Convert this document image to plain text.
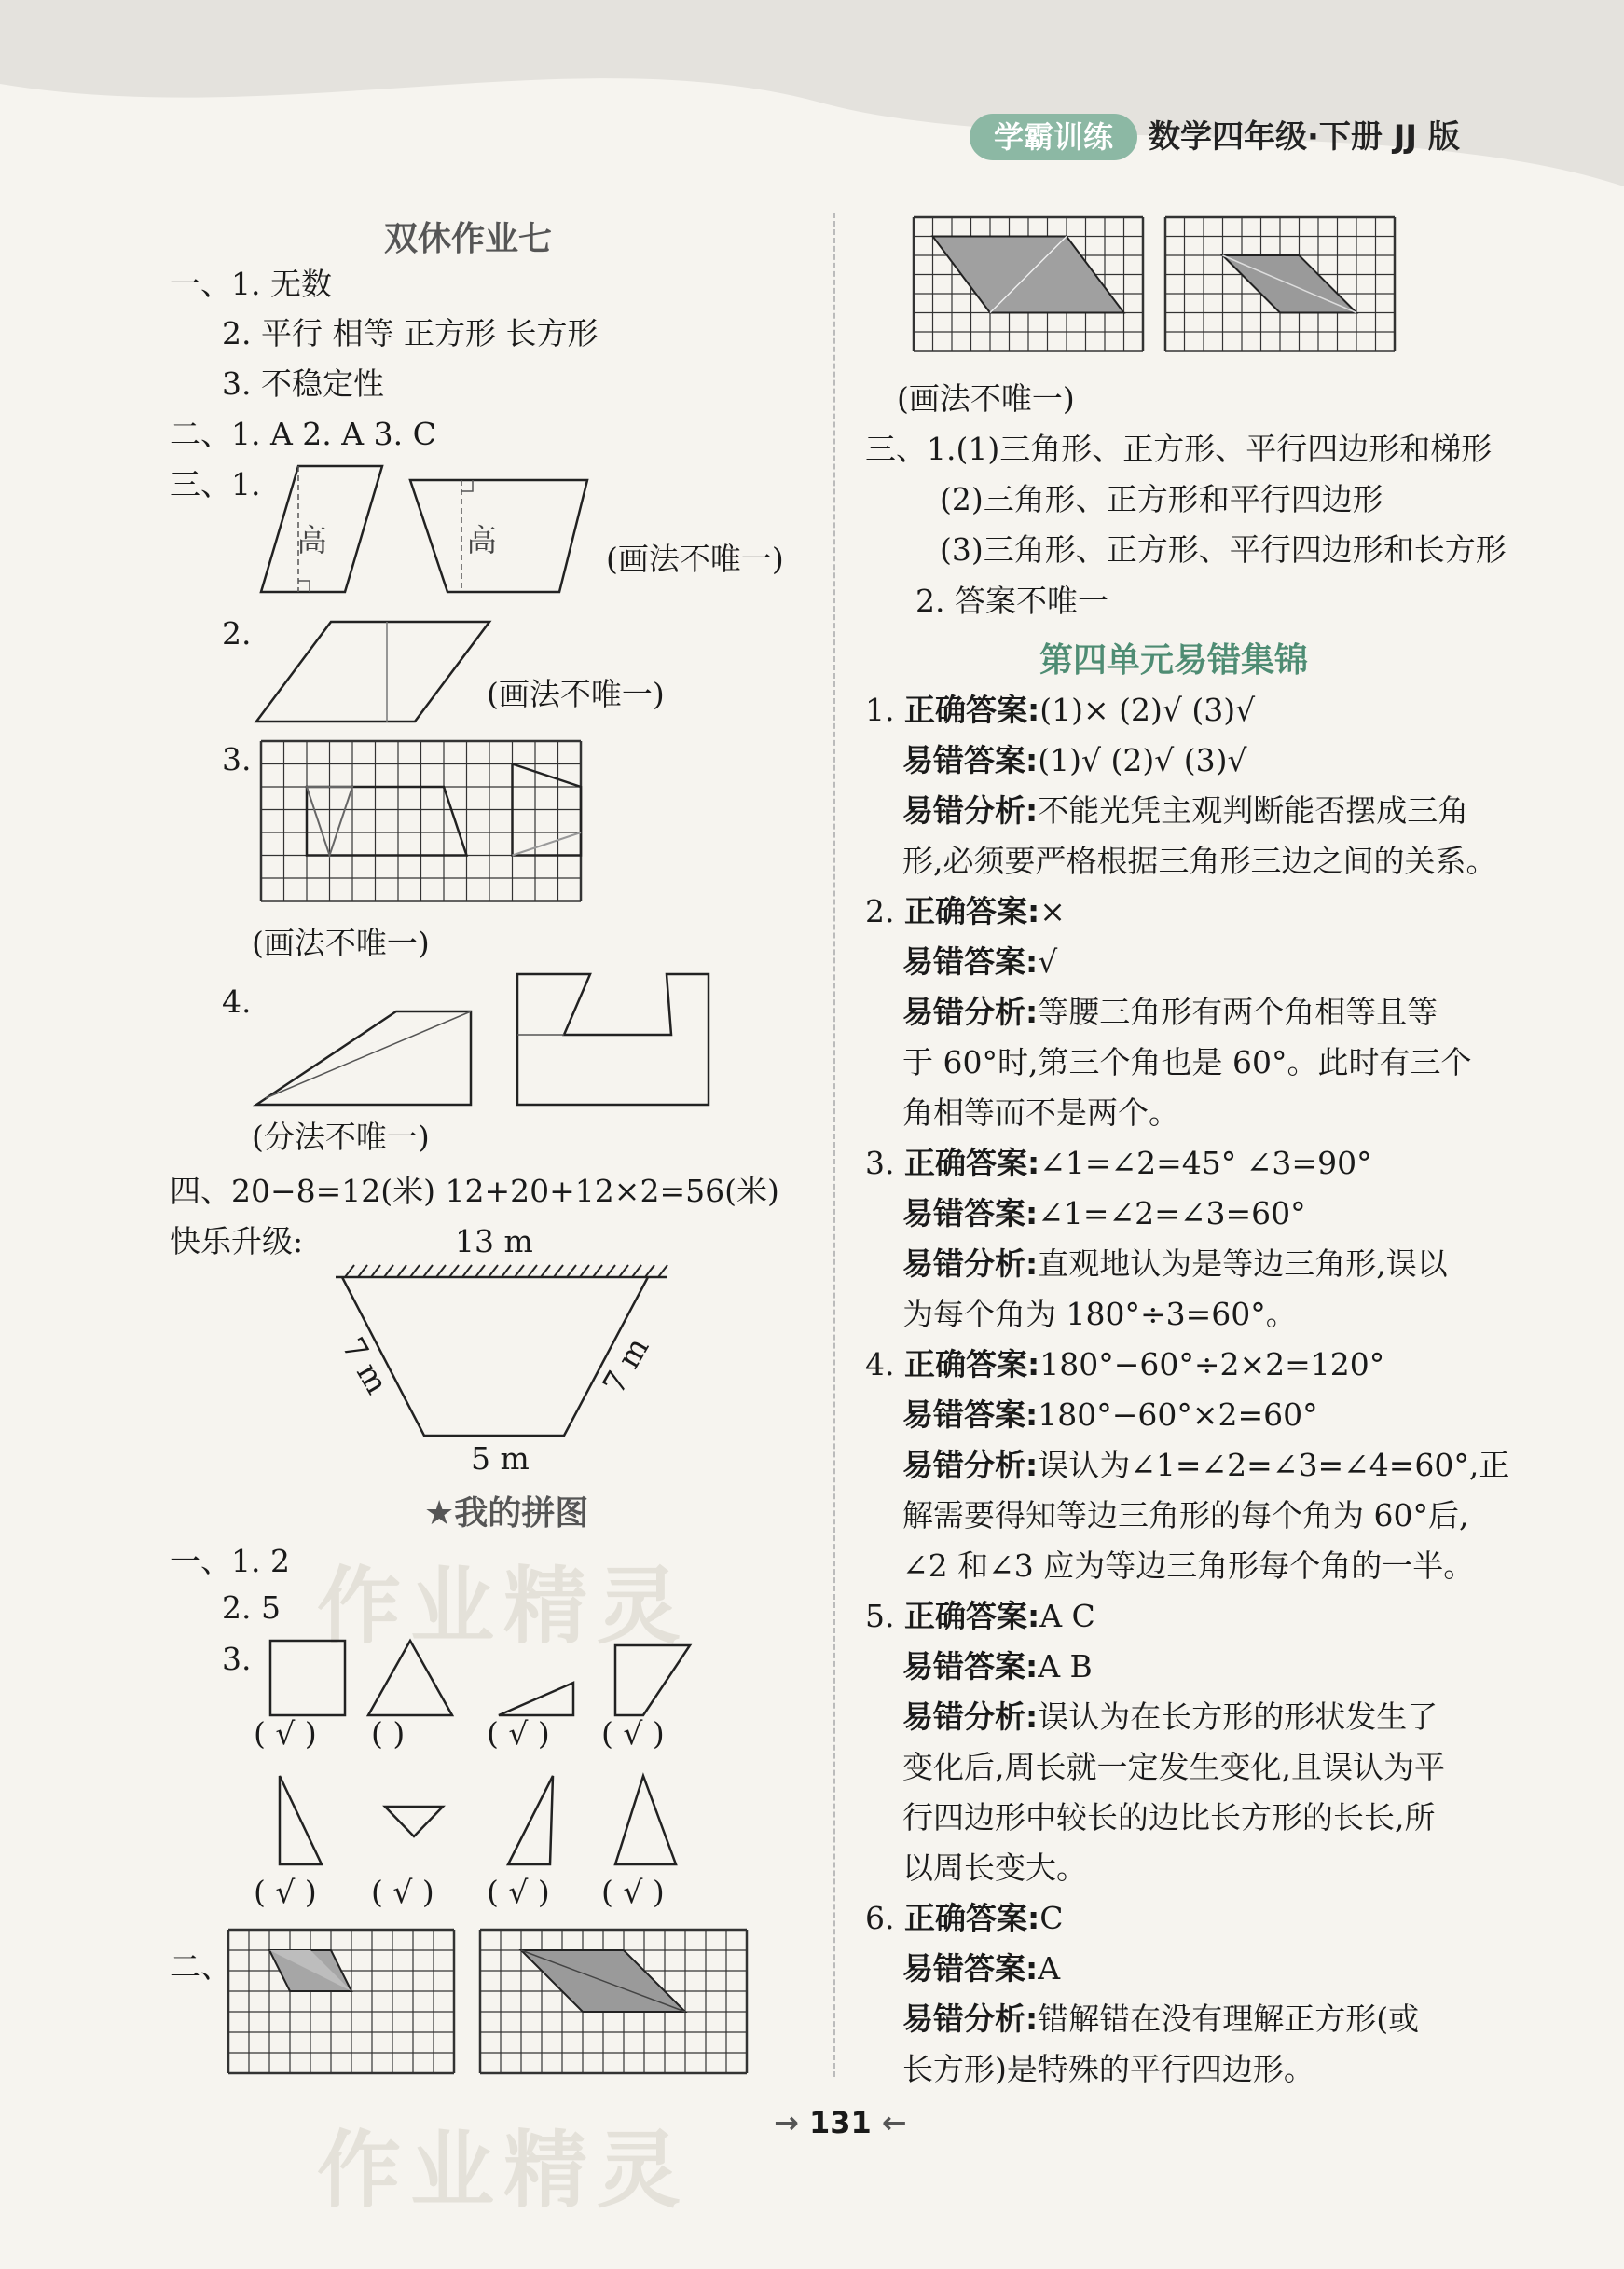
学霸训练	数学四年级·下册 JJ 版
作业精灵
作业精灵
双休作业七
一、1. 无数
2. 平行 相等 正方形 长方形
3. 不稳定性
二、1. A 2. A 3. C
三、1.
高	高
(画法不唯一)
2.
(画法不唯一)
3.
(画法不唯一)
4.
(分法不唯一)
四、20−8=12(米) 12+20+12×2=56(米)
快乐升级:	13 m
7 m	7 m
5 m
★我的拼图
一、1. 2
2. 5
3.
( √ ) ( )	( √ ) ( √ )
( √ ) ( √ ) ( √ ) ( √ )
二、
(画法不唯一)
三、1.(1)三角形、正方形、平行四边形和梯形
(2)三角形、正方形和平行四边形
(3)三角形、正方形、平行四边形和长方形
2. 答案不唯一
第四单元易错集锦
1. 正确答案:(1)× (2)√ (3)√
易错答案:(1)√ (2)√ (3)√
易错分析:不能光凭主观判断能否摆成三角
形,必须要严格根据三角形三边之间的关系。
2. 正确答案:×
易错答案:√
易错分析:等腰三角形有两个角相等且等
于 60°时,第三个角也是 60°。此时有三个
角相等而不是两个。
3. 正确答案:∠1=∠2=45° ∠3=90°
易错答案:∠1=∠2=∠3=60°
易错分析:直观地认为是等边三角形,误以
为每个角为 180°÷3=60°。
4. 正确答案:180°−60°÷2×2=120°
易错答案:180°−60°×2=60°
易错分析:误认为∠1=∠2=∠3=∠4=60°,正
解需要得知等边三角形的每个角为 60°后,
∠2 和∠3 应为等边三角形每个角的一半。
5. 正确答案:A C
易错答案:A B
易错分析:误认为在长方形的形状发生了
变化后,周长就一定发生变化,且误认为平
行四边形中较长的边比长方形的长长,所
以周长变大。
6. 正确答案:C
易错答案:A
易错分析:错解错在没有理解正方形(或
长方形)是特殊的平行四边形。
→ 131 ←
